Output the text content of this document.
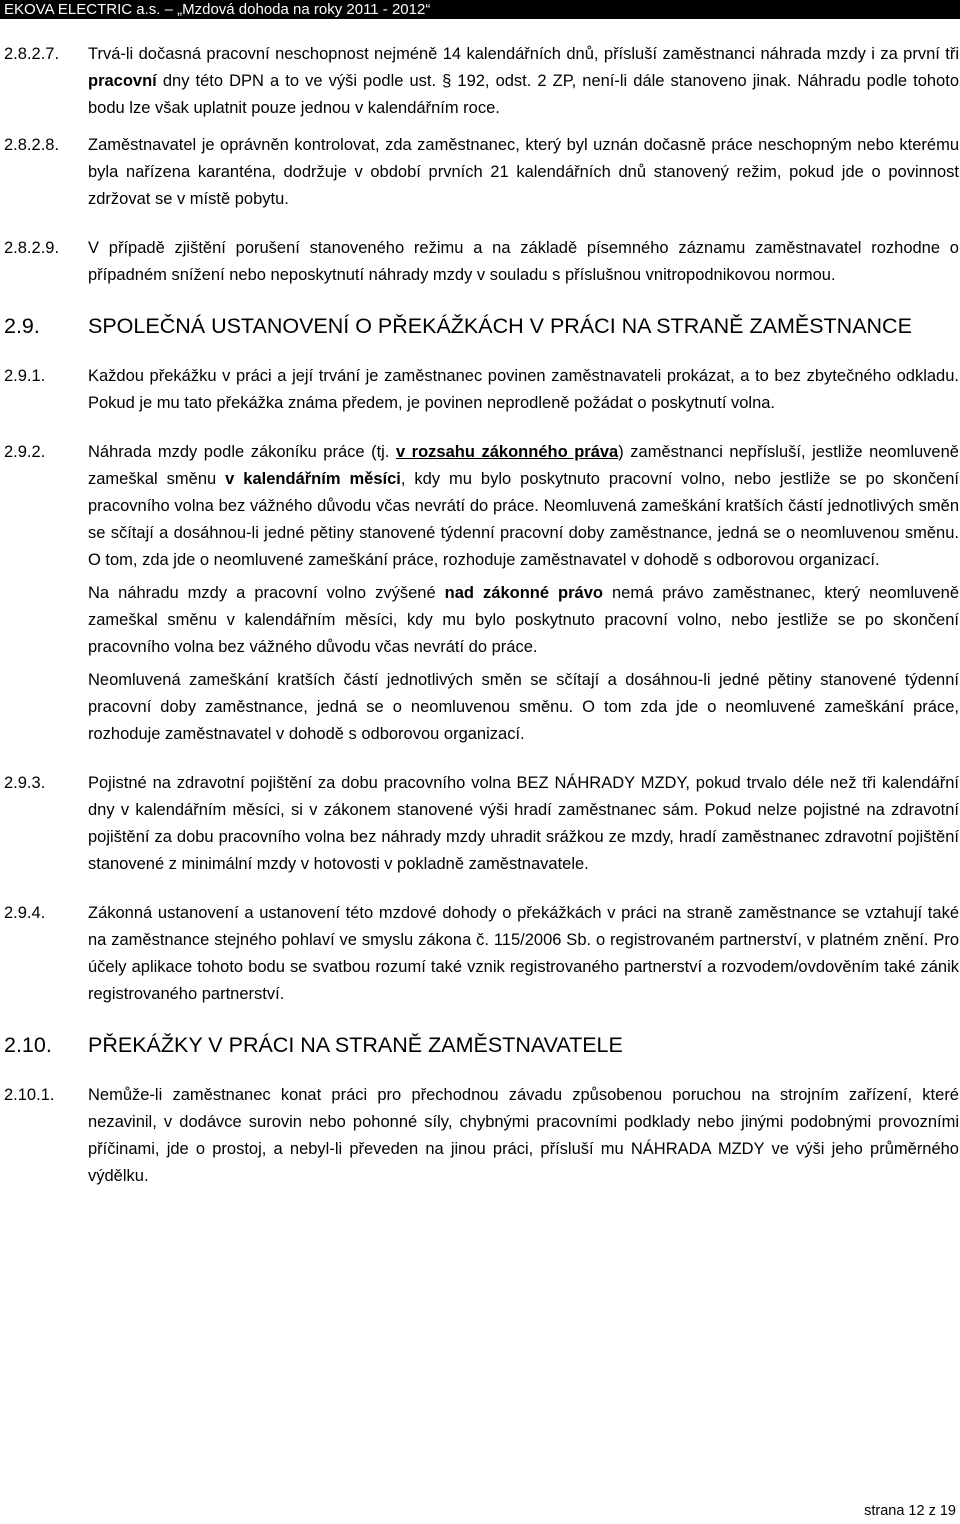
EKOVA ELECTRIC a.s. – „Mzdová dohoda na roky 2011 - 2012“
2.8.2.7.	Trvá-li dočasná pracovní neschopnost nejméně 14 kalendářních dnů, přísluší zaměstnanci náhrada mzdy i za první tři pracovní dny této DPN a to ve výši podle ust. § 192, odst. 2 ZP, není-li dále stanoveno jinak. Náhradu podle tohoto bodu lze však uplatnit pouze jednou v kalendářním roce.

2.8.2.8.	Zaměstnavatel je oprávněn kontrolovat, zda zaměstnanec, který byl uznán dočasně práce neschopným nebo kterému byla nařízena karanténa, dodržuje v období prvních 21 kalendářních dnů stanovený režim, pokud jde o povinnost zdržovat se v místě pobytu.

2.8.2.9.	V případě zjištění porušení stanoveného režimu a na základě písemného záznamu zaměstnavatel rozhodne o případném snížení nebo neposkytnutí náhrady mzdy v souladu s příslušnou vnitropodnikovou normou.

2.9.	SPOLEČNÁ USTANOVENÍ O PŘEKÁŽKÁCH V PRÁCI NA STRANĚ ZAMĚSTNANCE
2.9.1.	Každou překážku v práci a její trvání je zaměstnanec povinen zaměstnavateli prokázat, a to bez zbytečného odkladu. Pokud je mu tato překážka známa předem, je povinen neprodleně požádat o poskytnutí volna.

2.9.2.	Náhrada mzdy podle zákoníku práce (tj. v rozsahu zákonného práva) zaměstnanci nepřísluší, jestliže neomluveně zameškal směnu v kalendářním měsíci, kdy mu bylo poskytnuto pracovní volno, nebo jestliže se po skončení pracovního volna bez vážného důvodu včas nevrátí do práce. Neomluvená zameškání kratších částí jednotlivých směn se sčítají a dosáhnou-li jedné pětiny stanovené týdenní pracovní doby zaměstnance, jedná se o neomluvenou směnu. O tom, zda jde o neomluvené zameškání práce, rozhoduje zaměstnavatel v dohodě s odborovou organizací.

Na náhradu mzdy a pracovní volno zvýšené nad zákonné právo nemá právo zaměstnanec, který neomluveně zameškal směnu v kalendářním měsíci, kdy mu bylo poskytnuto pracovní volno, nebo jestliže se po skončení pracovního volna bez vážného důvodu včas nevrátí do práce.

Neomluvená zameškání kratších částí jednotlivých směn se sčítají a dosáhnou-li jedné pětiny stanovené týdenní pracovní doby zaměstnance, jedná se o neomluvenou směnu. O tom zda jde o neomluvené zameškání práce, rozhoduje zaměstnavatel v dohodě s odborovou organizací.

2.9.3.	Pojistné na zdravotní pojištění za dobu pracovního volna BEZ NÁHRADY MZDY, pokud trvalo déle než tři kalendářní dny v kalendářním měsíci, si v zákonem stanovené výši hradí zaměstnanec sám. Pokud nelze pojistné na zdravotní pojištění za dobu pracovního volna bez náhrady mzdy uhradit srážkou ze mzdy, hradí zaměstnanec zdravotní pojištění stanovené z minimální mzdy v hotovosti v pokladně zaměstnavatele.

2.9.4.	Zákonná ustanovení a ustanovení této mzdové dohody o překážkách v práci na straně zaměstnance se vztahují také na zaměstnance stejného pohlaví ve smyslu zákona č. 115/2006 Sb. o registrovaném partnerství, v platném znění. Pro účely aplikace tohoto bodu se svatbou rozumí také vznik registrovaného partnerství a rozvodem/ovdověním také zánik registrovaného partnerství.

2.10.	PŘEKÁŽKY V PRÁCI NA STRANĚ ZAMĚSTNAVATELE
2.10.1.	Nemůže-li zaměstnanec konat práci pro přechodnou závadu způsobenou poruchou na strojním zařízení, které nezavinil, v dodávce surovin nebo pohonné síly, chybnými pracovními podklady nebo jinými podobnými provozními příčinami, jde o prostoj, a nebyl-li převeden na jinou práci, přísluší mu NÁHRADA MZDY ve výši jeho průměrného výdělku.

strana 12 z 19
